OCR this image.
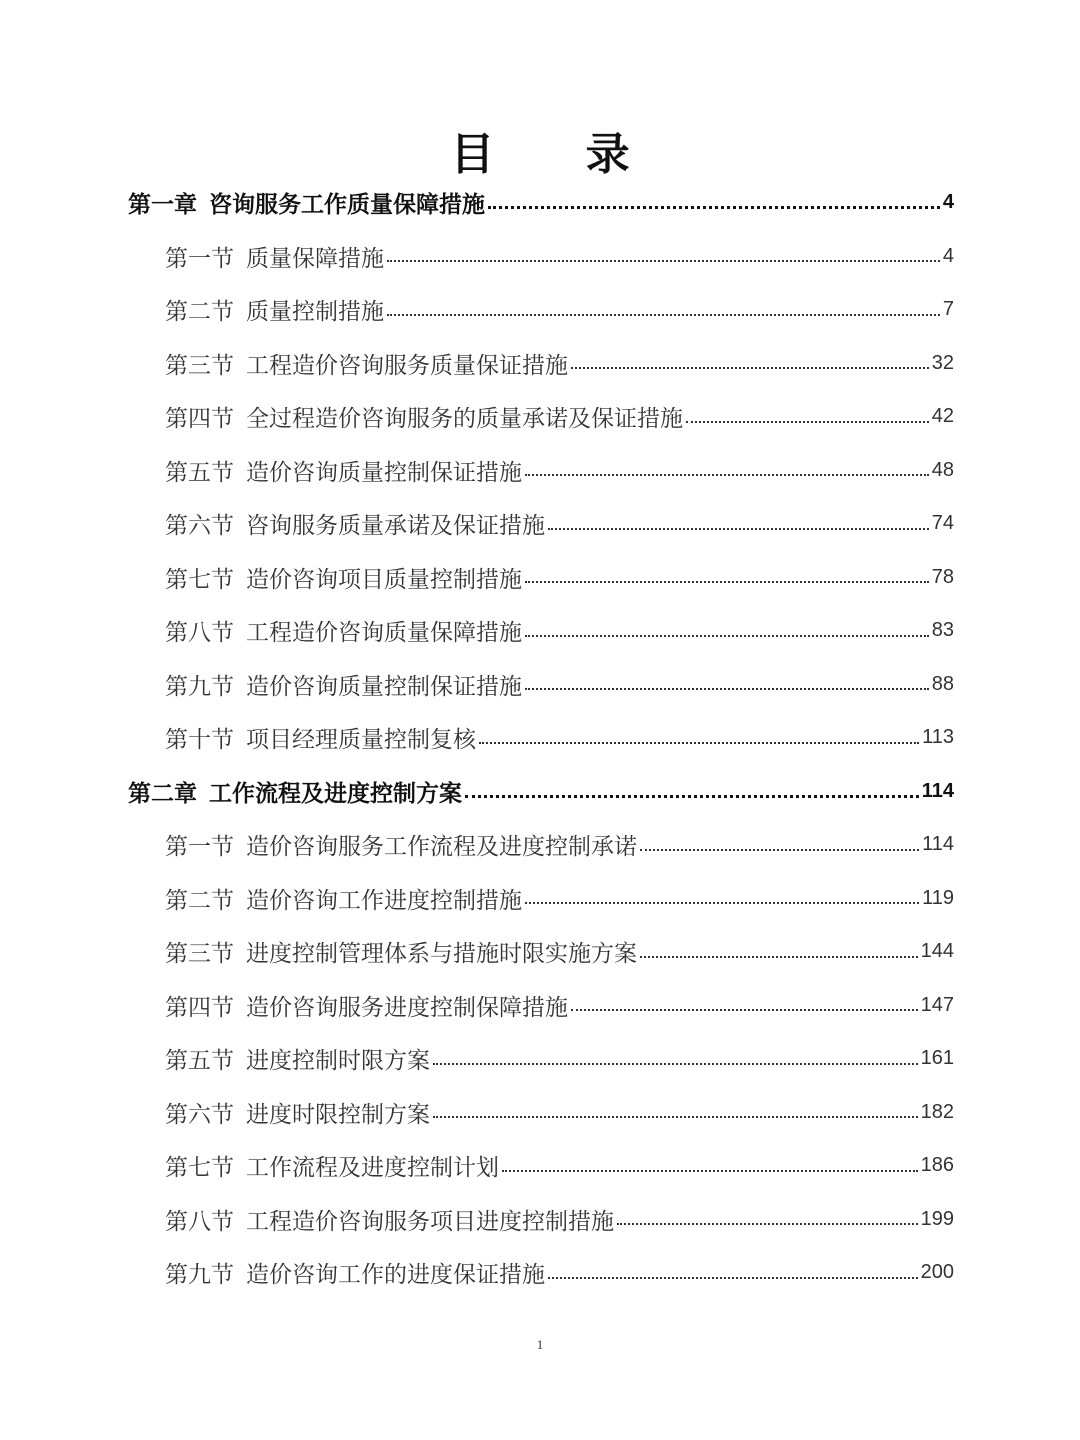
目 录
第一章 咨询服务工作质量保障措施	4
第一节 质量保障措施	4
第二节 质量控制措施	7
第三节 工程造价咨询服务质量保证措施	32
第四节 全过程造价咨询服务的质量承诺及保证措施	42
第五节 造价咨询质量控制保证措施	48
第六节 咨询服务质量承诺及保证措施	74
第七节 造价咨询项目质量控制措施	78
第八节 工程造价咨询质量保障措施	83
第九节 造价咨询质量控制保证措施	88
第十节 项目经理质量控制复核	113
第二章 工作流程及进度控制方案	114
第一节 造价咨询服务工作流程及进度控制承诺	114
第二节 造价咨询工作进度控制措施	119
第三节 进度控制管理体系与措施时限实施方案	144
第四节 造价咨询服务进度控制保障措施	147
第五节 进度控制时限方案	161
第六节 进度时限控制方案	182
第七节 工作流程及进度控制计划	186
第八节 工程造价咨询服务项目进度控制措施	199
第九节 造价咨询工作的进度保证措施	200
1
